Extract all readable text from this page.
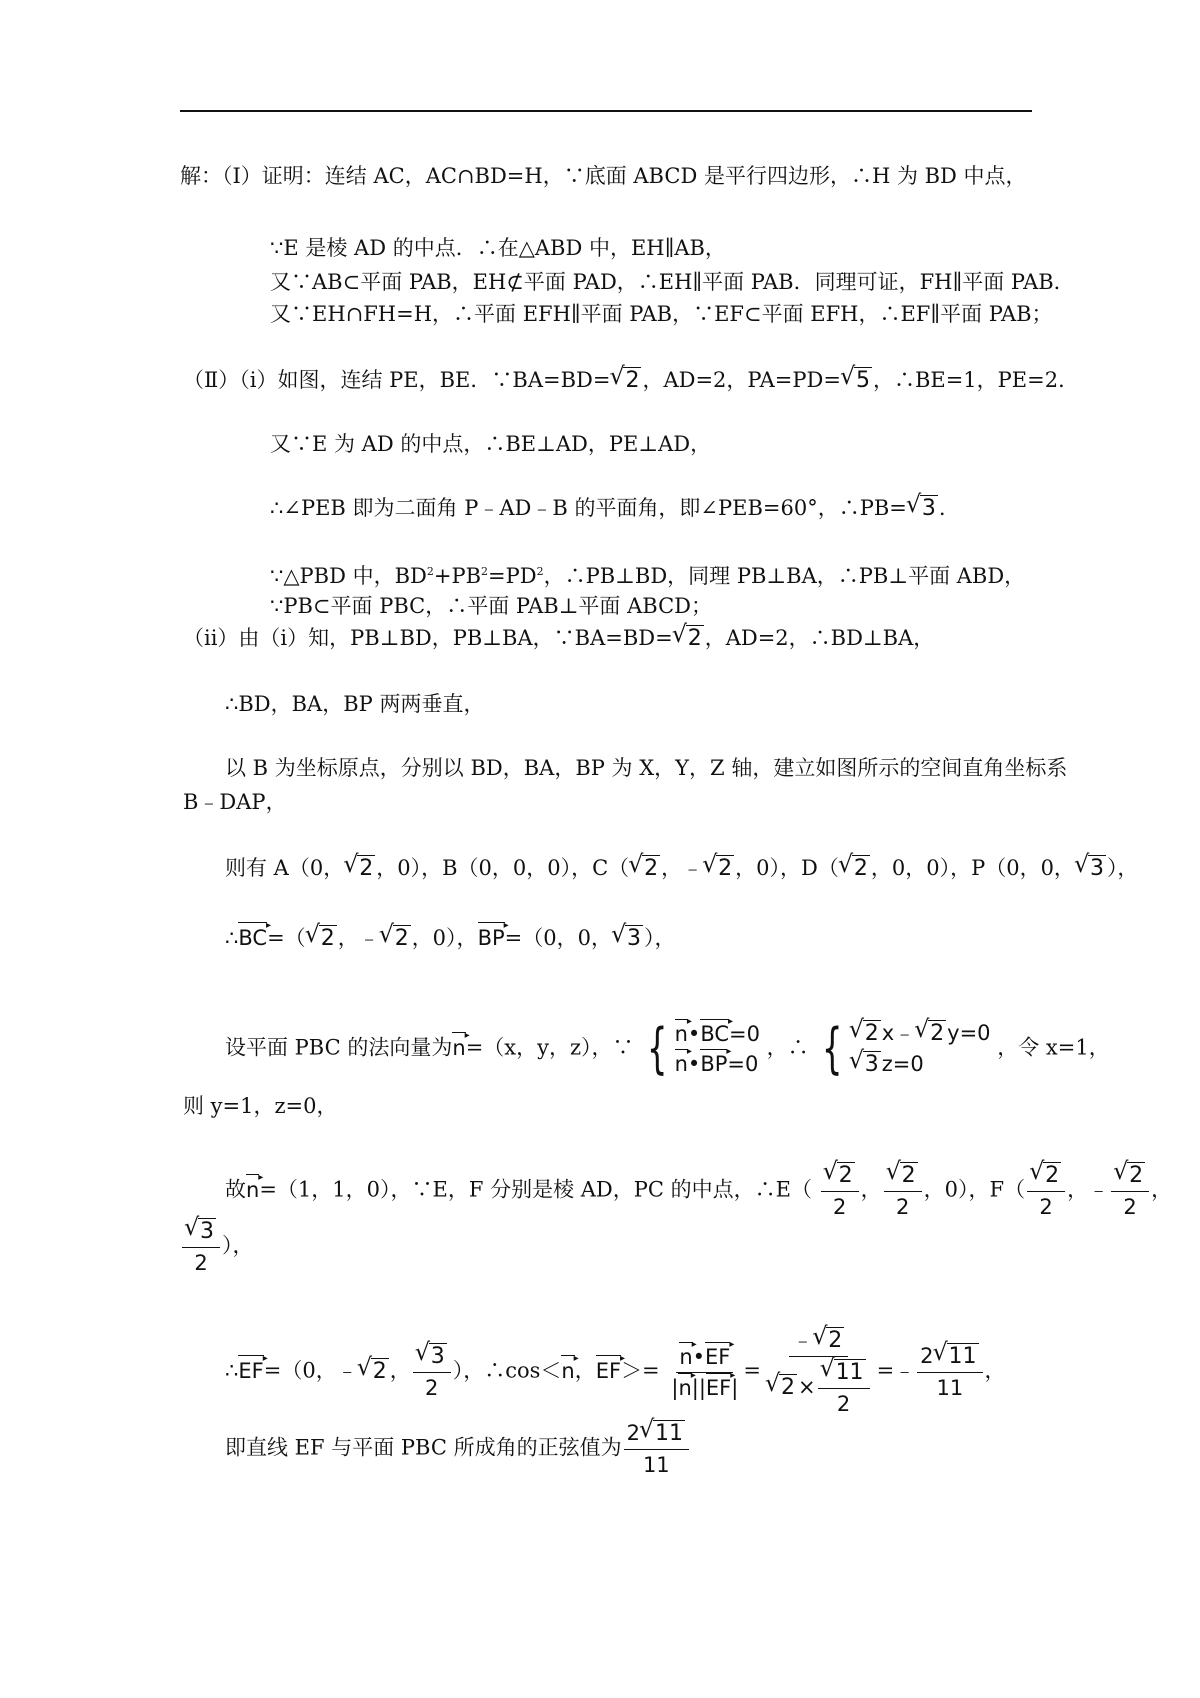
解：（Ⅰ）证明：连结 AC，AC∩BD=H，∵底面 ABCD 是平行四边形，∴H 为 BD 中点，
∵E 是棱 AD 的中点．∴在△ABD 中，EH∥AB，
又∵AB⊂平面 PAB，EH⊄平面 PAD，∴EH∥平面 PAB．同理可证，FH∥平面 PAB．
又∵EH∩FH=H，∴平面 EFH∥平面 PAB，∵EF⊂平面 EFH，∴EF∥平面 PAB；
（Ⅱ）（i）如图，连结 PE，BE．∵BA=BD= √ 2 ，AD=2，PA=PD= √ 5 ，∴BE=1，PE=2．
又∵E 为 AD 的中点，∴BE⊥AD，PE⊥AD，
∴∠PEB 即为二面角 P﹣AD﹣B 的平面角，即∠PEB=60°，∴PB= √ 3 .
∵△PBD 中，$BD^2+PB^2=PD^2$，∴PB⊥BD，同理 PB⊥BA，∴PB⊥平面 ABD，
∵PB⊂平面 PBC，∴平面 PAB⊥平面 ABCD；
（ii）由（i）知，PB⊥BD，PB⊥BA，∵BA=BD= √ 2 ，AD=2，∴BD⊥BA，
∴BD，BA，BP 两两垂直，
以 B 为坐标原点，分别以 BD，BA，BP 为 X，Y，Z 轴，建立如图所示的空间直角坐标系
B﹣DAP，
则有 A（0， √ 2 ，0），B（0，0，0），C（ √ 2 ，﹣ √ 2 ，0），D（ √ 2 ，0，0），P（0，0， √ 3 ），
∴▸ BC=（ √ 2 ，﹣ √ 2 ，0），▸ BP=（0，0， √ 3 ），
设平面 PBC 的法向量为▸ n=（x，y，z），∵ { ▸ n•▸ BC=0
▸ n•▸ BP=0
，∴ { √ 2 x﹣ √ 2 y=0
√ 3 z=0
，令 x=1，
则 y=1，z=0，
故▸ n=（1，1，0），∵E，F 分别是棱 AD，PC 的中点，∴E（ √ $\frac{2}{2}$ ， √ $\frac{2}{2}$ ，0），F（ √ $\frac{2}{2}$ ，﹣ √ $\frac{2}{2}$ ，
√ $\frac{3}{2}$ ），
∴▸ EF=（0，﹣ √ 2 ， √ $\frac{3}{2}$ ），∴cos＜▸ n，▸ EF＞= ▸ $\frac{n•▸ EF}{|▸ n||▸ EF|}$ = ﹣ √ 2
√ 2 × √ $\frac{11}{2}$ =﹣ $\frac{2 √ 11}{11}$ ，
即直线 EF 与平面 PBC 所成角的正弦值为 $\frac{2 √ 11}{11}$
